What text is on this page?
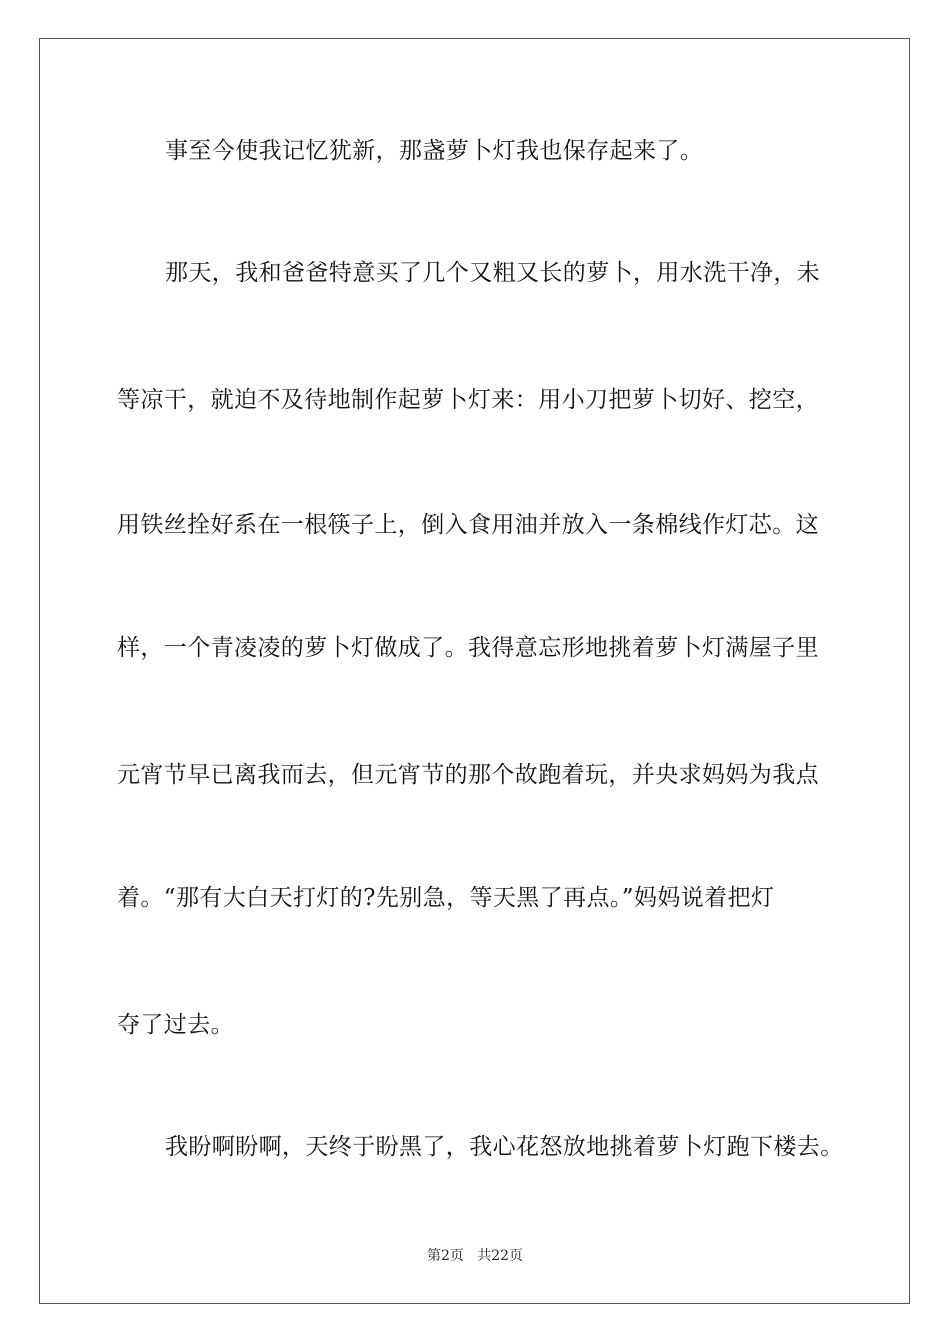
事至今使我记忆犹新，那盏萝卜灯我也保存起来了。
那天，我和爸爸特意买了几个又粗又长的萝卜，用水洗干净，未
等凉干，就迫不及待地制作起萝卜灯来：用小刀把萝卜切好、挖空，
用铁丝拴好系在一根筷子上，倒入食用油并放入一条棉线作灯芯。这
样，一个青凌凌的萝卜灯做成了。我得意忘形地挑着萝卜灯满屋子里
元宵节早已离我而去，但元宵节的那个故跑着玩，并央求妈妈为我点
着。“那有大白天打灯的?先别急，等天黑了再点。”妈妈说着把灯
夺了过去。
我盼啊盼啊，天终于盼黑了，我心花怒放地挑着萝卜灯跑下楼去。
第2页   共22页
